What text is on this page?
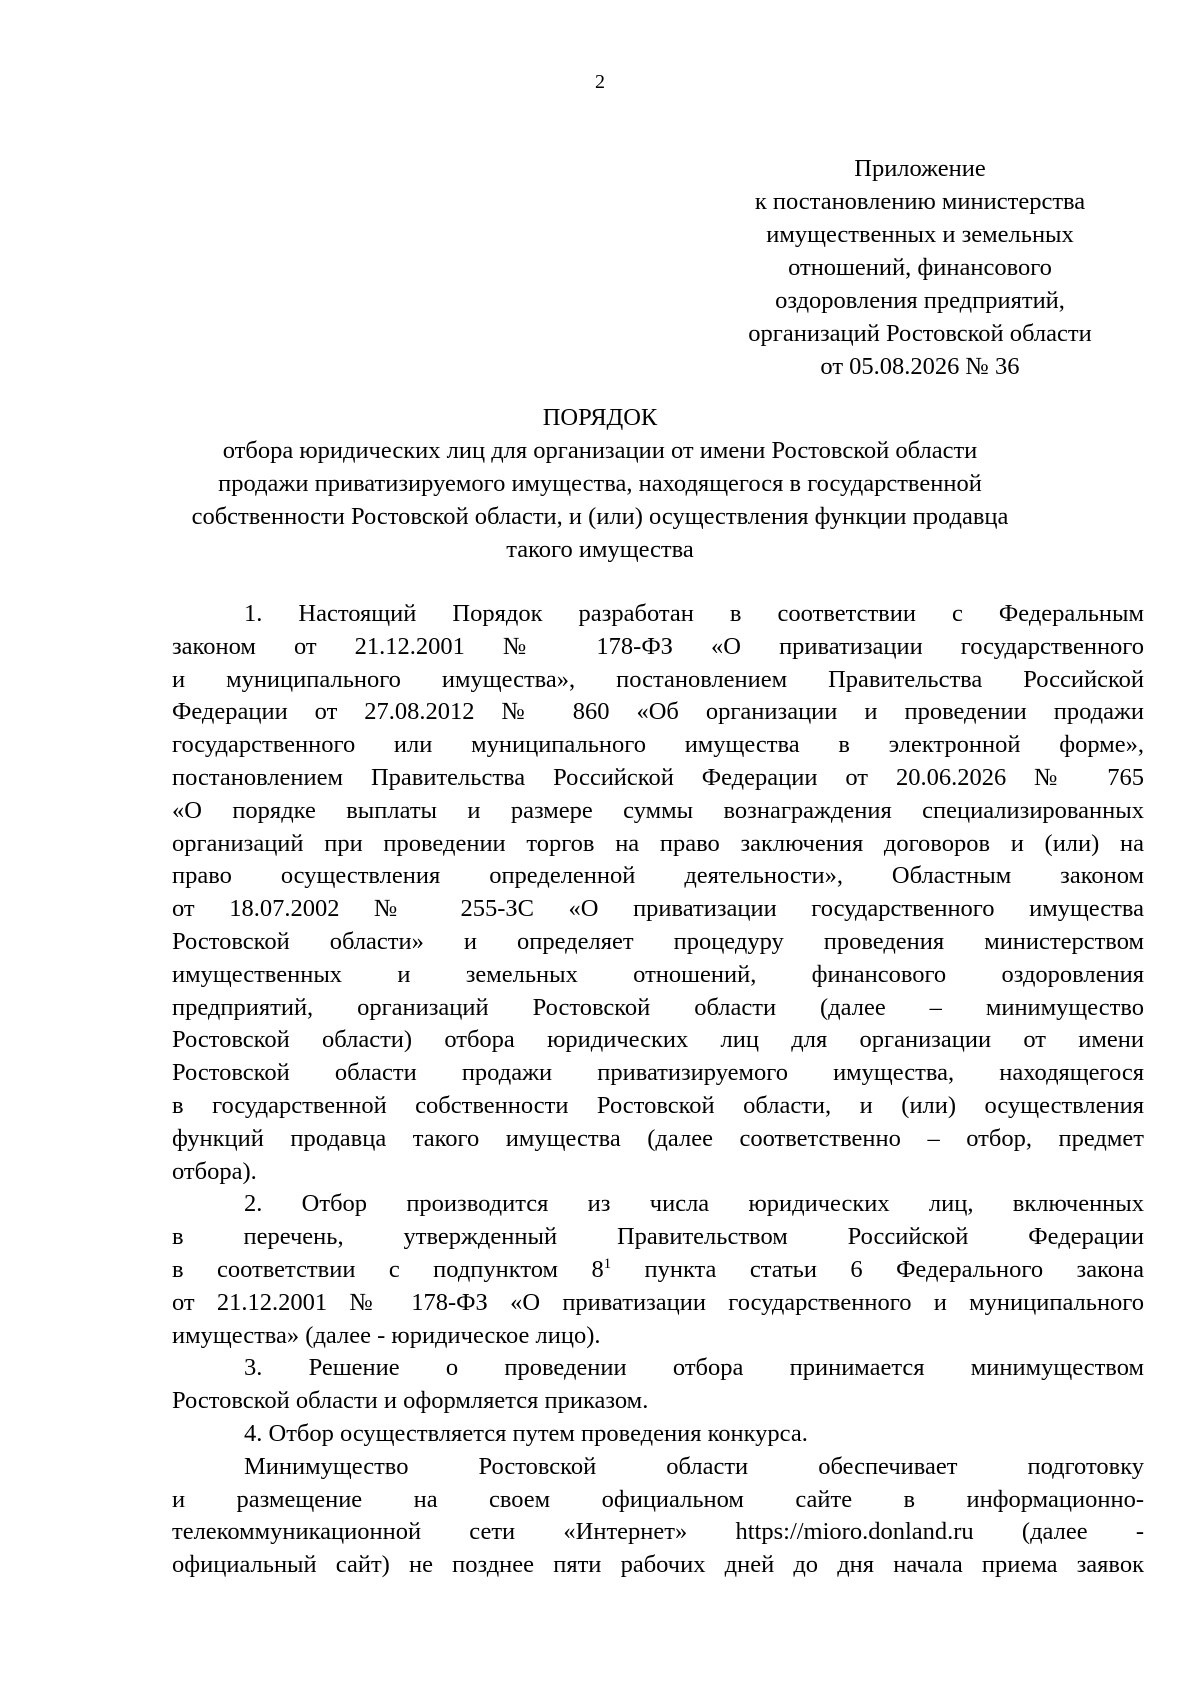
2
Приложение
к постановлению министерства
имущественных и земельных
отношений, финансового
оздоровления предприятий,
организаций Ростовской области
от 05.08.2026 № 36
ПОРЯДОК
отбора юридических лиц для организации от имени Ростовской области
продажи приватизируемого имущества, находящегося в государственной
собственности Ростовской области, и (или) осуществления функции продавца
такого имущества
1. Настоящий Порядок разработан в соответствии с Федеральным
законом от 21.12.2001 № 178-ФЗ «О приватизации государственного
и муниципального имущества», постановлением Правительства Российской
Федерации от 27.08.2012 № 860 «Об организации и проведении продажи
государственного или муниципального имущества в электронной форме»,
постановлением Правительства Российской Федерации от 20.06.2026 № 765
«О порядке выплаты и размере суммы вознаграждения специализированных
организаций при проведении торгов на право заключения договоров и (или) на
право осуществления определенной деятельности», Областным законом
от 18.07.2002 № 255-ЗС «О приватизации государственного имущества
Ростовской области» и определяет процедуру проведения министерством
имущественных и земельных отношений, финансового оздоровления
предприятий, организаций Ростовской области (далее – минимущество
Ростовской области) отбора юридических лиц для организации от имени
Ростовской области продажи приватизируемого имущества, находящегося
в государственной собственности Ростовской области, и (или) осуществления
функций продавца такого имущества (далее соответственно – отбор, предмет
отбора).
2. Отбор производится из числа юридических лиц, включенных
в перечень, утвержденный Правительством Российской Федерации
в соответствии с подпунктом $8^1$ пункта статьи 6 Федерального закона
от 21.12.2001 № 178-ФЗ «О приватизации государственного и муниципального
имущества» (далее - юридическое лицо).
3. Решение о проведении отбора принимается минимуществом
Ростовской области и оформляется приказом.
4. Отбор осуществляется путем проведения конкурса.
Минимущество Ростовской области обеспечивает подготовку
и размещение на своем официальном сайте в информационно-
телекоммуникационной сети «Интернет» https://mioro.donland.ru (далее -
официальный сайт) не позднее пяти рабочих дней до дня начала приема заявок
